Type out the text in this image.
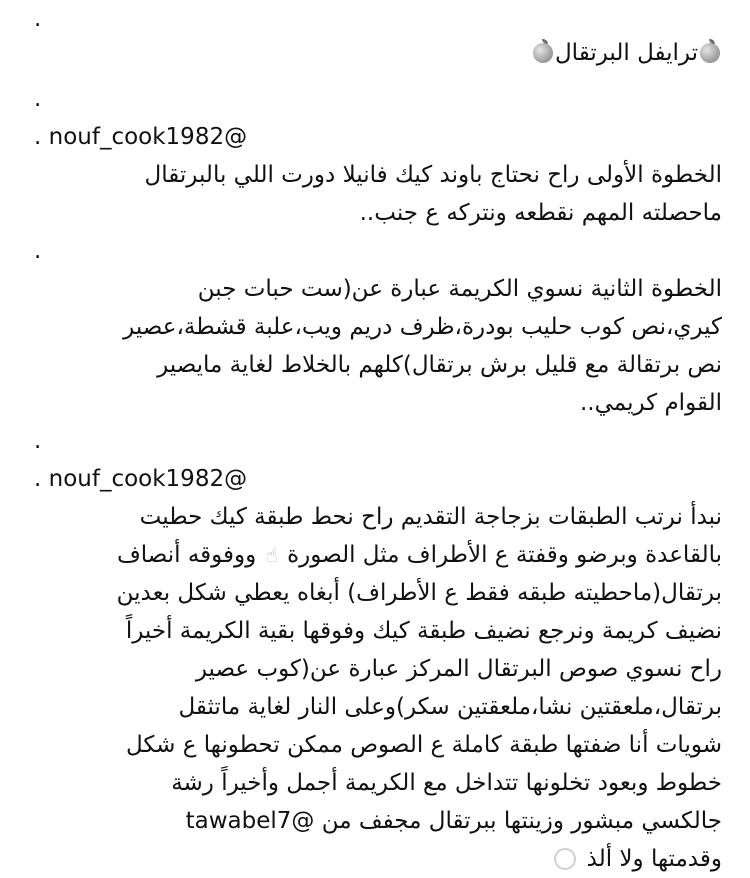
.
ترايفل البرتقال
.
. nouf_cook1982@
الخطوة الأولى راح نحتاج باوند كيك فانيلا دورت اللي بالبرتقال
ماحصلته المهم نقطعه ونتركه ع جنب..
.
الخطوة الثانية نسوي الكريمة عبارة عن(ست حبات جبن
كيري،نص كوب حليب بودرة،ظرف دريم ويب،علبة قشطة،عصير
نص برتقالة مع قليل برش برتقال)كلهم بالخلاط لغاية مايصير
القوام كريمي..
.
. nouf_cook1982@
نبدأ نرتب الطبقات بزجاجة التقديم راح نحط طبقة كيك حطيت
بالقاعدة وبرضو وقفتة ع الأطراف مثل الصورة ☝ ووفوقه أنصاف
برتقال(ماحطيته طبقه فقط ع الأطراف) أبغاه يعطي شكل بعدين
نضيف كريمة ونرجع نضيف طبقة كيك وفوقها بقية الكريمة أخيراً
راح نسوي صوص البرتقال المركز عبارة عن(كوب عصير
برتقال،ملعقتين نشا،ملعقتين سكر)وعلى النار لغاية ماتثقل
شويات أنا ضفتها طبقة كاملة ع الصوص ممكن تحطونها ع شكل
خطوط وبعود تخلونها تتداخل مع الكريمة أجمل وأخيراً رشة
جالكسي مبشور وزينتها ببرتقال مجفف من @tawabel7
وقدمتها ولا ألذ
